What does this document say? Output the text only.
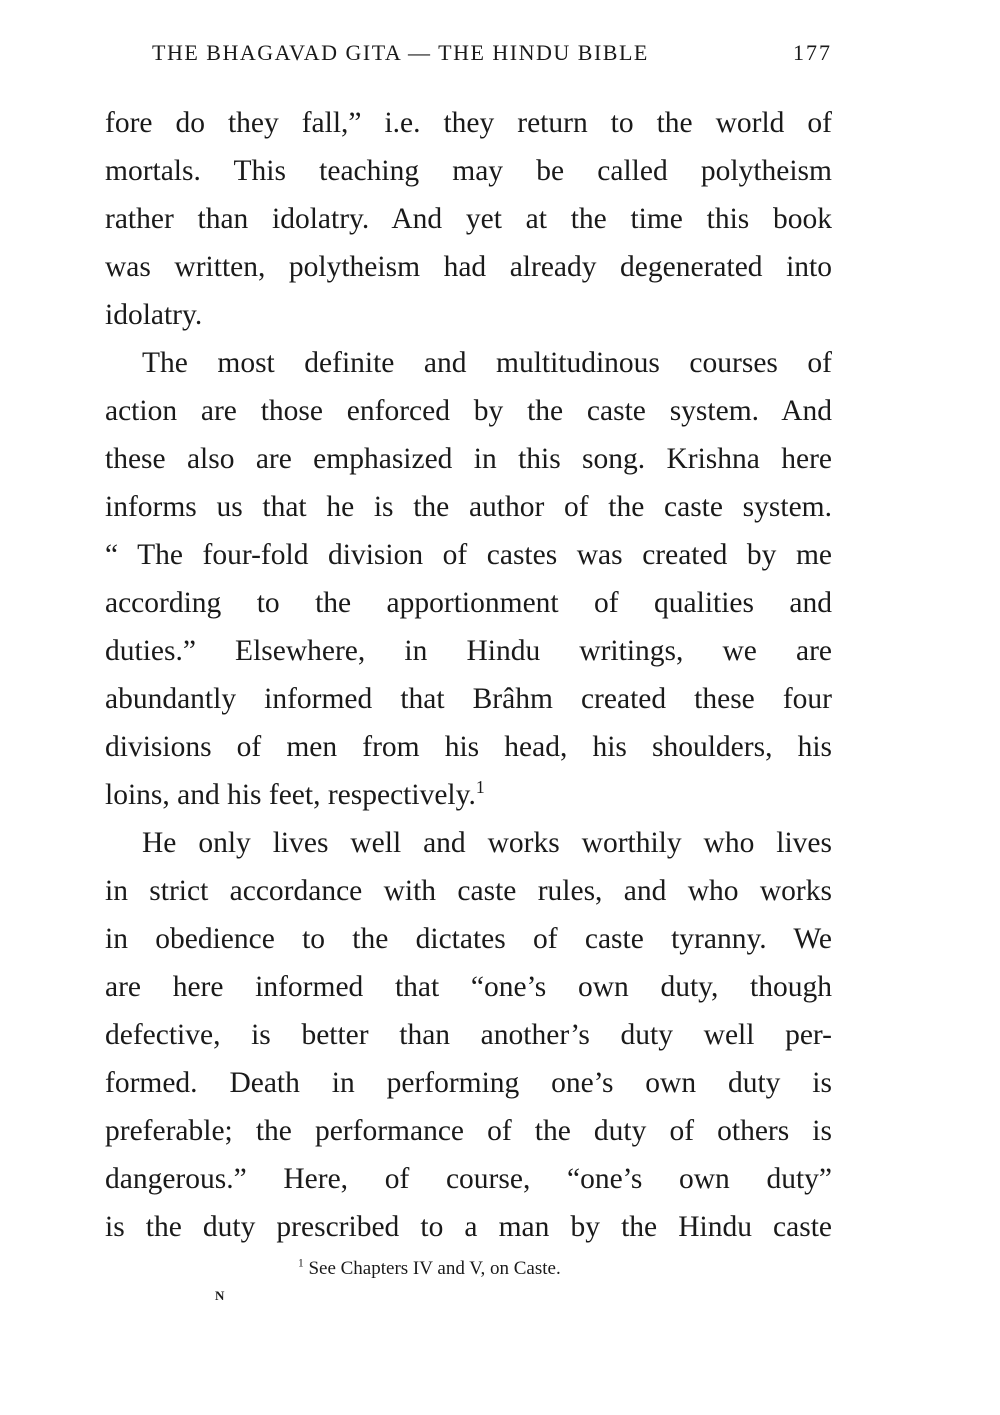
THE BHAGAVAD GITA — THE HINDU BIBLE	177
fore do they fall,” i.e. they return to the world of
mortals. This teaching may be called polytheism
rather than idolatry. And yet at the time this book
was written, polytheism had already degenerated into
idolatry.
The most definite and multitudinous courses of
action are those enforced by the caste system. And
these also are emphasized in this song. Krishna here
informs us that he is the author of the caste system.
“ The four-fold division of castes was created by me
according to the apportionment of qualities and
duties.” Elsewhere, in Hindu writings, we are
abundantly informed that Brâhm created these four
divisions of men from his head, his shoulders, his
loins, and his feet, respectively.$^1$
He only lives well and works worthily who lives
in strict accordance with caste rules, and who works
in obedience to the dictates of caste tyranny. We
are here informed that “one’s own duty, though
defective, is better than another’s duty well per-
formed. Death in performing one’s own duty is
preferable; the performance of the duty of others is
dangerous.” Here, of course, “one’s own duty”
is the duty prescribed to a man by the Hindu caste
$^1$ See Chapters IV and V, on Caste.
N
